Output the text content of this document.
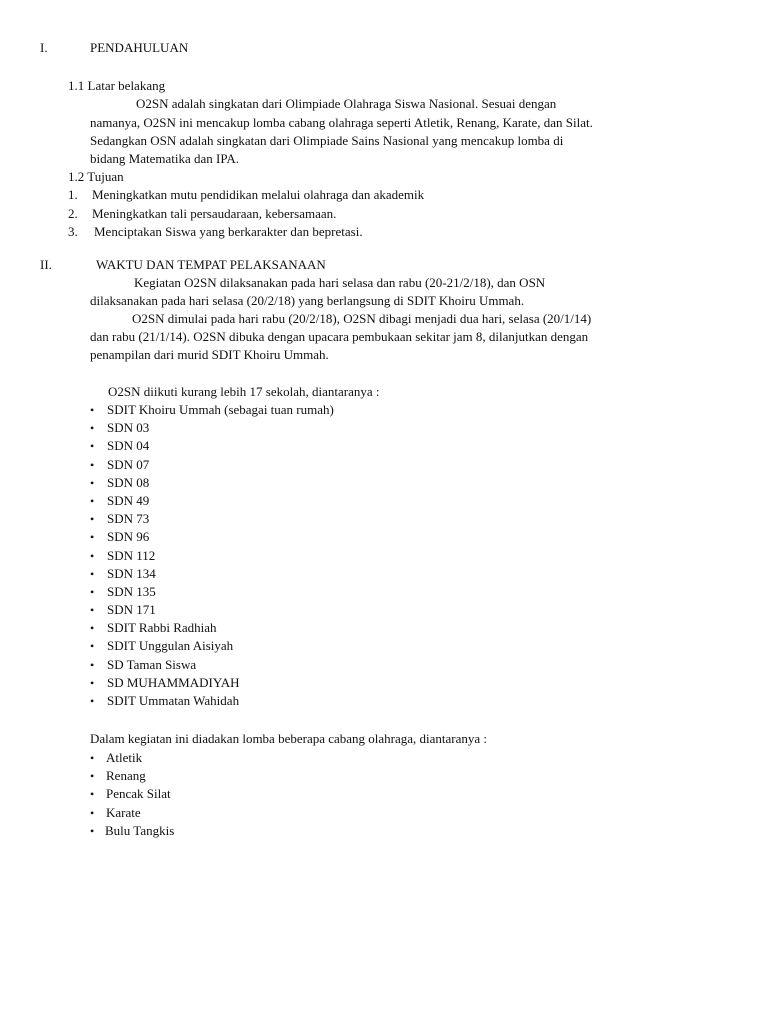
I.	PENDAHULUAN
1.1 Latar belakang
O2SN adalah singkatan dari Olimpiade Olahraga Siswa Nasional. Sesuai dengan
namanya, O2SN ini mencakup lomba cabang olahraga seperti Atletik, Renang, Karate, dan Silat.
Sedangkan OSN adalah singkatan dari Olimpiade Sains Nasional yang mencakup lomba di
bidang Matematika dan IPA.
1.2 Tujuan
1. Meningkatkan mutu pendidikan melalui olahraga dan akademik
2. Meningkatkan tali persaudaraan, kebersamaan.
3. Menciptakan Siswa yang berkarakter dan bepretasi.
II.	WAKTU DAN TEMPAT PELAKSANAAN
Kegiatan O2SN dilaksanakan pada hari selasa dan rabu (20-21/2/18), dan OSN
dilaksanakan pada hari selasa (20/2/18) yang berlangsung di SDIT Khoiru Ummah.
O2SN dimulai pada hari rabu (20/2/18), O2SN dibagi menjadi dua hari, selasa (20/1/14)
dan rabu (21/1/14). O2SN dibuka dengan upacara pembukaan sekitar jam 8, dilanjutkan dengan
penampilan dari murid SDIT Khoiru Ummah.
O2SN diikuti kurang lebih 17 sekolah, diantaranya :
• SDIT Khoiru Ummah (sebagai tuan rumah)
• SDN 03
• SDN 04
• SDN 07
• SDN 08
• SDN 49
• SDN 73
• SDN 96
• SDN 112
• SDN 134
• SDN 135
• SDN 171
• SDIT Rabbi Radhiah
• SDIT Unggulan Aisiyah
• SD Taman Siswa
• SD MUHAMMADIYAH
• SDIT Ummatan Wahidah
Dalam kegiatan ini diadakan lomba beberapa cabang olahraga, diantaranya :
• Atletik
• Renang
• Pencak Silat
• Karate
• Bulu Tangkis
